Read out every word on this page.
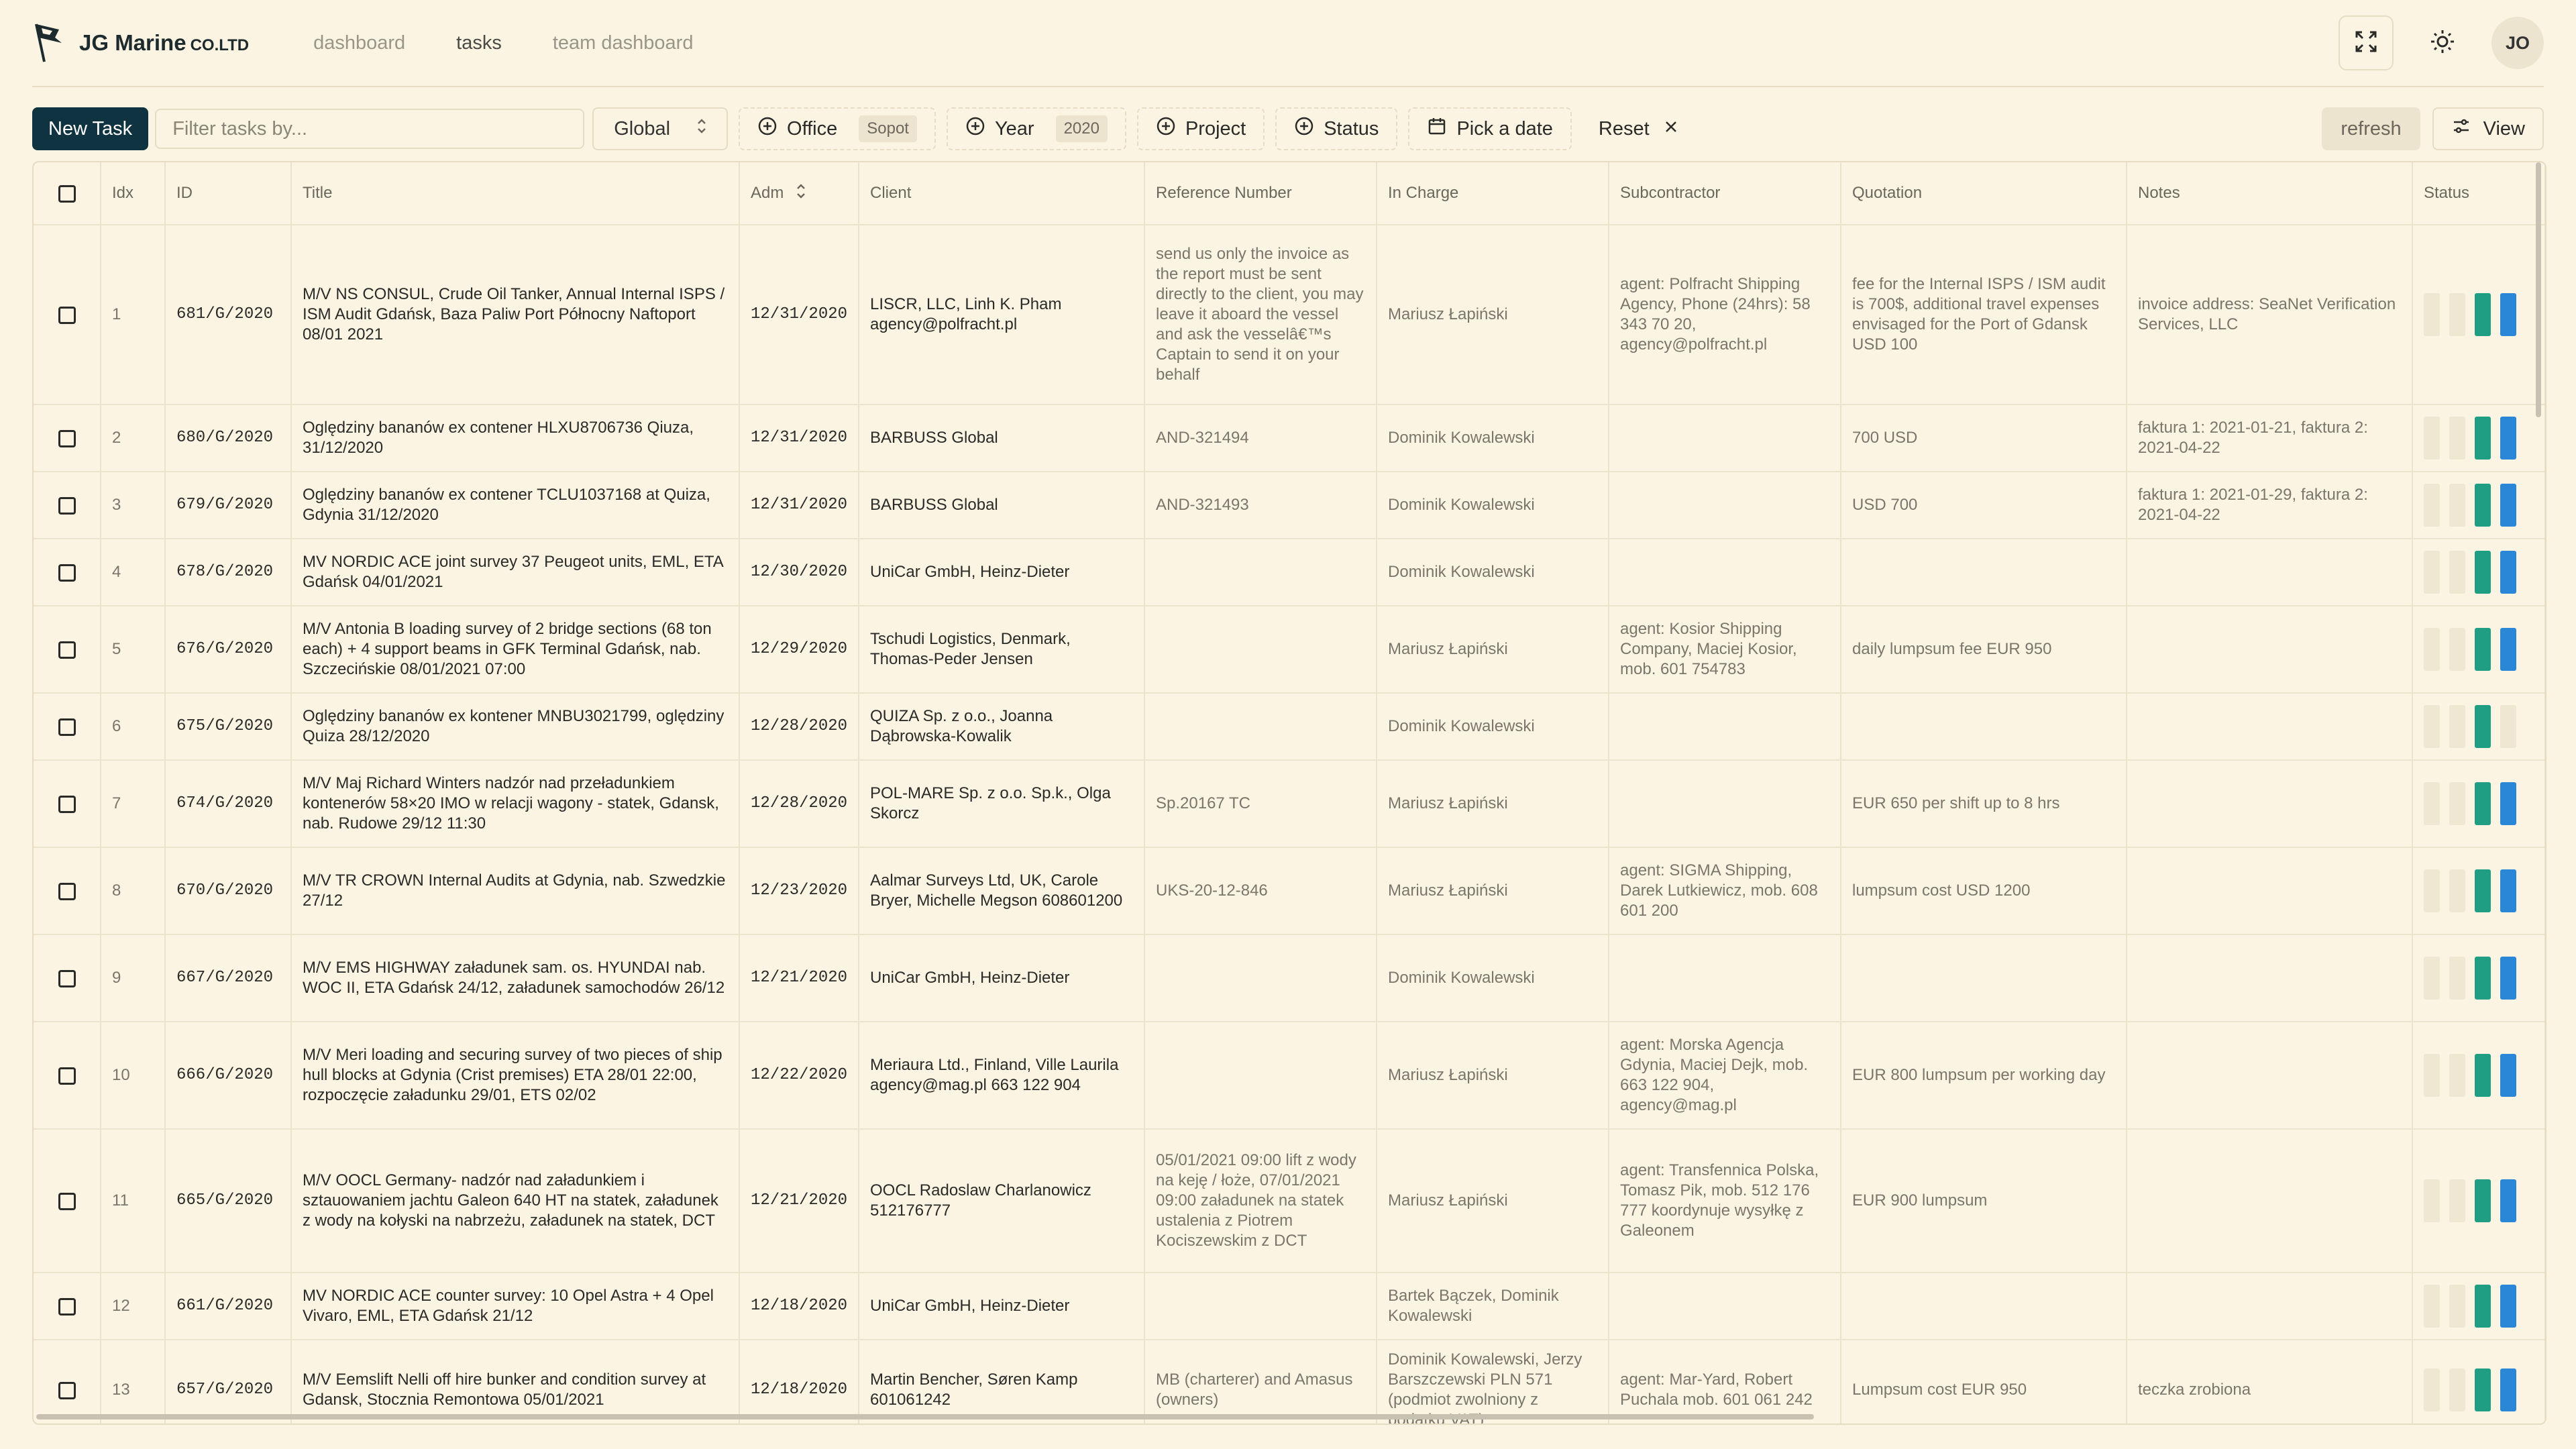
JG Marine CO.LTD	dashboard	tasks	team dashboard	JO
New Task
Filter tasks by...	Global	Office	Sopot	Year	2020	Project	Status	Pick a date Reset	refresh	View
	Idx	ID	Title	Adm	Client	Reference Number	In Charge	Subcontractor	Quotation	Notes	Status
	1	681/G/2020	M/V NS CONSUL, Crude Oil Tanker, Annual Internal ISPS / ISM Audit Gdańsk, Baza Paliw Port Północny Naftoport 08/01 2021	12/31/2020	LISCR, LLC, Linh K. Pham agency@polfracht.pl	send us only the invoice as the report must be sent directly to the client, you may leave it aboard the vessel and ask the vesselâ€™s Captain to send it on your behalf	Mariusz Łapiński	agent: Polfracht Shipping Agency, Phone (24hrs): 58 343 70 20, agency@polfracht.pl	fee for the Internal ISPS / ISM audit is 700$, additional travel expenses envisaged for the Port of Gdansk USD 100	invoice address: SeaNet Verification Services, LLC	

	2	680/G/2020	Oględziny bananów ex contener HLXU8706736 Qiuza, 31/12/2020	12/31/2020	BARBUSS Global	AND-321494	Dominik Kowalewski		700 USD	faktura 1: 2021-01-21, faktura 2: 2021-04-22	

	3	679/G/2020	Oględziny bananów ex contener TCLU1037168 at Quiza, Gdynia 31/12/2020	12/31/2020	BARBUSS Global	AND-321493	Dominik Kowalewski		USD 700	faktura 1: 2021-01-29, faktura 2: 2021-04-22	

	4	678/G/2020	MV NORDIC ACE joint survey 37 Peugeot units, EML, ETA Gdańsk 04/01/2021	12/30/2020	UniCar GmbH, Heinz-Dieter		Dominik Kowalewski				

	5	676/G/2020	M/V Antonia B loading survey of 2 bridge sections (68 ton each) + 4 support beams in GFK Terminal Gdańsk, nab. Szczecińskie 08/01/2021 07:00	12/29/2020	Tschudi Logistics, Denmark, Thomas-Peder Jensen		Mariusz Łapiński	agent: Kosior Shipping Company, Maciej Kosior, mob. 601 754783	daily lumpsum fee EUR 950		

	6	675/G/2020	Oględziny bananów ex kontener MNBU3021799, oględziny Quiza 28/12/2020	12/28/2020	QUIZA Sp. z o.o., Joanna Dąbrowska-Kowalik		Dominik Kowalewski				

	7	674/G/2020	M/V Maj Richard Winters nadzór nad przeładunkiem kontenerów 58×20 IMO w relacji wagony - statek, Gdansk, nab. Rudowe 29/12 11:30	12/28/2020	POL-MARE Sp. z o.o. Sp.k., Olga Skorcz	Sp.20167 TC	Mariusz Łapiński		EUR 650 per shift up to 8 hrs		

	8	670/G/2020	M/V TR CROWN Internal Audits at Gdynia, nab. Szwedzkie 27/12	12/23/2020	Aalmar Surveys Ltd, UK, Carole Bryer, Michelle Megson 608601200	UKS-20-12-846	Mariusz Łapiński	agent: SIGMA Shipping, Darek Lutkiewicz, mob. 608 601 200	lumpsum cost USD 1200		

	9	667/G/2020	M/V EMS HIGHWAY załadunek sam. os. HYUNDAI nab. WOC II, ETA Gdańsk 24/12, załadunek samochodów 26/12	12/21/2020	UniCar GmbH, Heinz-Dieter		Dominik Kowalewski				

	10	666/G/2020	M/V Meri loading and securing survey of two pieces of ship hull blocks at Gdynia (Crist premises) ETA 28/01 22:00, rozpoczęcie załadunku 29/01, ETS 02/02	12/22/2020	Meriaura Ltd., Finland, Ville Laurila agency@mag.pl 663 122 904		Mariusz Łapiński	agent: Morska Agencja Gdynia, Maciej Dejk, mob. 663 122 904, agency@mag.pl	EUR 800 lumpsum per working day		

	11	665/G/2020	M/V OOCL Germany- nadzór nad załadunkiem i sztauowaniem jachtu Galeon 640 HT na statek, załadunek z wody na kołyski na nabrzeżu, załadunek na statek, DCT	12/21/2020	OOCL Radoslaw Charlanowicz 512176777	05/01/2021 09:00 lift z wody na keję / łoże, 07/01/2021 09:00 załadunek na statek ustalenia z Piotrem Kociszewskim z DCT	Mariusz Łapiński	agent: Transfennica Polska, Tomasz Pik, mob. 512 176 777 koordynuje wysyłkę z Galeonem	EUR 900 lumpsum		

	12	661/G/2020	MV NORDIC ACE counter survey: 10 Opel Astra + 4 Opel Vivaro, EML, ETA Gdańsk 21/12	12/18/2020	UniCar GmbH, Heinz-Dieter		Bartek Bączek, Dominik Kowalewski				

	13	657/G/2020	M/V Eemslift Nelli off hire bunker and condition survey at Gdansk, Stocznia Remontowa 05/01/2021	12/18/2020	Martin Bencher, Søren Kamp 601061242	MB (charterer) and Amasus (owners)	Dominik Kowalewski, Jerzy Barszczewski PLN 571 (podmiot zwolniony z	agent: Mar-Yard, Robert Puchala mob. 601 061 242	Lumpsum cost EUR 950	teczka zrobiona	
